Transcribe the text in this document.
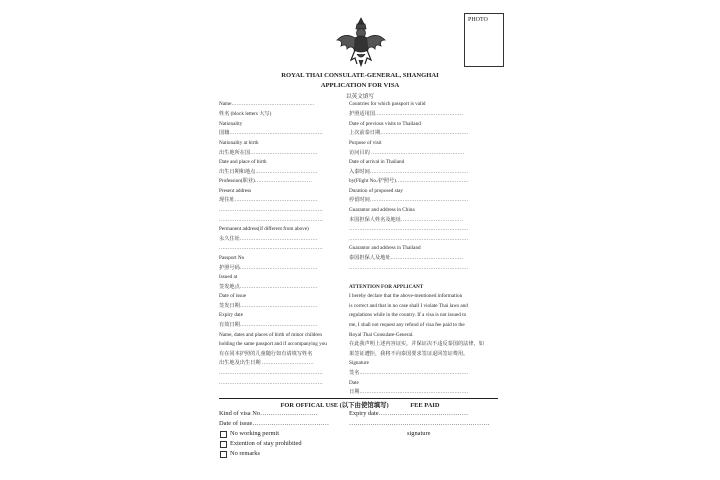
PHOTO
ROYAL THAI CONSULATE-GENERAL, SHANGHAI
APPLICATION FOR VISA
以英文填写
Name…………………………………………
姓名 (block letters 大写)
Nationality
国籍………………………………………………
Nationality at birth
出生地所在国…………………………………
Date and place of birth
出生日期和地点………………………………
Profession(职业)……………………………
Present address
现住址…………………………………………
……………………………………………………
……………………………………………………
Permanent address(if different from above)
永久住址………………………………………
……………………………………………………
Passport No
护照号码………………………………………
Issued at
签发地点………………………………………
Date of issue
签发日期………………………………………
Expiry date
有效日期………………………………………
Name, dates and places of birth of minor children
holding the same passport and if accompanying you
有在同本护照的儿童随行如有请填写姓名
出生地及出生日期 …………………………
……………………………………………………
……………………………………………………
Countries for which passport is valid
护照适用国……………………………………………
Date of previous visits to Thailand
上次前泰日期……………………………………………
Purpose of visit
访问目的 ………………………………………………
Date of arrival in Thailand
入泰时间…………………………………………………
by(Flight No./护照号)……………………………………
Duration of proposed stay
停留时间…………………………………………………
Guarantor and address in China
本国担保人姓名及地址………………………………
……………………………………………………………
……………………………………………………………
Guarantor and address in Thailand
泰国担保人及地址……………………………………
……………………………………………………………
ATTENTION FOR APPLICANT
I hereby declare that the above-mentioned information
is correct and that in no case shall I violate Thai laws and
regulations while in the country. If a visa is not issued to
me, I shall not request any refund of visa fee paid to the
Royal Thai Consulate-General.
在此我声明上述内容证实，并保证决不违反泰国的法律，如
果签证遭拒，我将不向泰国要求签证退回签证费用。
Signature
签名………………………………………………………
Date
日期………………………………………………………
FOR OFFICAL USE (以下由使馆填写)	FEE PAID
Kind of visa No………………………	Expiry date……………………………………
Date of issue………………………………	…………………………………………………………
No working permit	signature
Extention of stay prohibited
No remarks
